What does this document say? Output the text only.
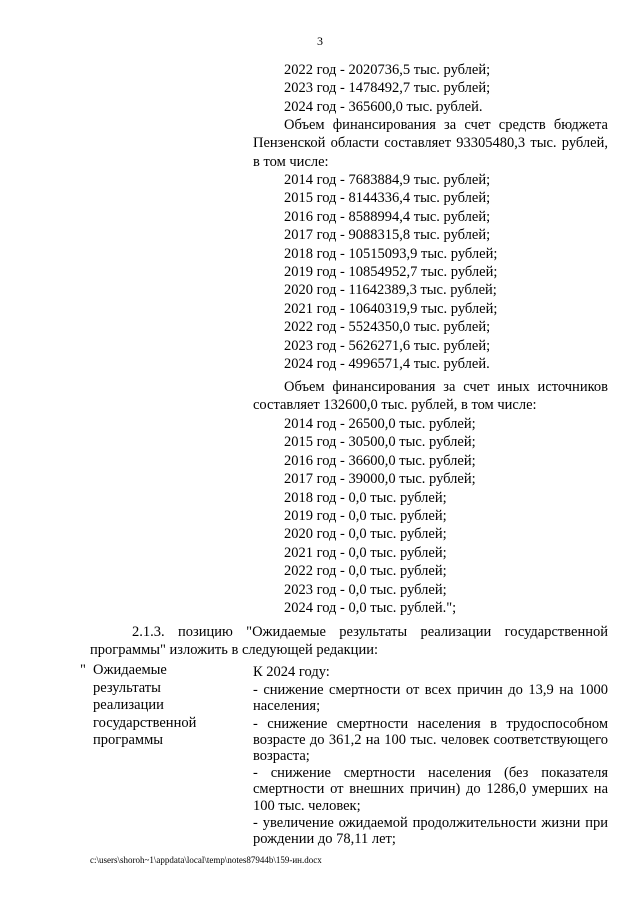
3
2022 год - 2020736,5 тыс. рублей;
2023 год - 1478492,7 тыс. рублей;
2024 год - 365600,0 тыс. рублей.
Объем финансирования за счет средств бюджета Пензенской области составляет 93305480,3 тыс. рублей, в том числе:
2014 год - 7683884,9 тыс. рублей;
2015 год - 8144336,4 тыс. рублей;
2016 год - 8588994,4 тыс. рублей;
2017 год - 9088315,8 тыс. рублей;
2018 год - 10515093,9 тыс. рублей;
2019 год - 10854952,7 тыс. рублей;
2020 год - 11642389,3 тыс. рублей;
2021 год - 10640319,9 тыс. рублей;
2022 год - 5524350,0 тыс. рублей;
2023 год - 5626271,6 тыс. рублей;
2024 год - 4996571,4 тыс. рублей.
Объем финансирования за счет иных источников составляет 132600,0 тыс. рублей, в том числе:
2014 год - 26500,0 тыс. рублей;
2015 год - 30500,0 тыс. рублей;
2016 год - 36600,0 тыс. рублей;
2017 год - 39000,0 тыс. рублей;
2018 год - 0,0 тыс. рублей;
2019 год - 0,0 тыс. рублей;
2020 год - 0,0 тыс. рублей;
2021 год - 0,0 тыс. рублей;
2022 год - 0,0 тыс. рублей;
2023 год - 0,0 тыс. рублей;
2024 год - 0,0 тыс. рублей.";
2.1.3. позицию "Ожидаемые результаты реализации государственной программы" изложить в следующей редакции:
" Ожидаемые результаты реализации государственной программы

К 2024 году:

- снижение смертности от всех причин до 13,9 на 1000 населения;

- снижение смертности населения в трудоспособном возрасте до 361,2 на 100 тыс. человек соответствующего возраста;

- снижение смертности населения (без показателя смертности от внешних причин) до 1286,0 умерших на 100 тыс. человек;

- увеличение ожидаемой продолжительности жизни при рождении до 78,11 лет;

c:\users\shoroh~1\appdata\local\temp\notes87944b\159-ин.docx
